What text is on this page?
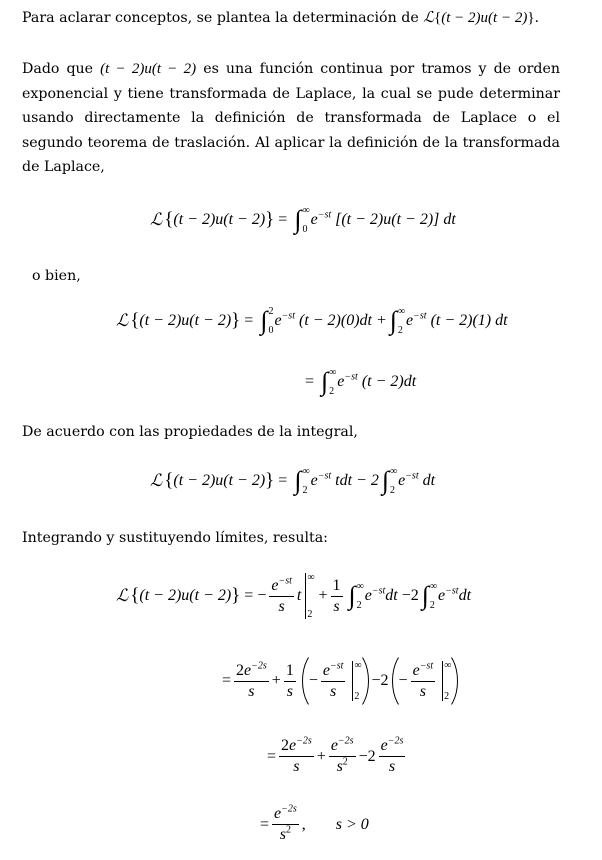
Para aclarar conceptos, se plantea la determinación de ℒ{(t − 2)u(t − 2)}.
Dado que (t − 2)u(t − 2) es una función continua por tramos y de orden exponencial y tiene transformada de Laplace, la cual se pude determinar usando directamente la definición de transformada de Laplace o el segundo teorema de traslación. Al aplicar la definición de la transformada de Laplace,
ℒ { (t − 2)u(t − 2) } = ∫ ∞
0
$e^{-st}$
[(t − 2)u(t − 2)] dt
o bien,
ℒ { (t − 2)u(t − 2) } = ∫ 2
0
$e^{-st}$
(t − 2)(0)dt + ∫ ∞
2
$e^{-st}$
(t − 2)(1) dt
= ∫ ∞
2
$e^{-st}$
(t − 2)dt
De acuerdo con las propiedades de la integral,
ℒ { (t − 2)u(t − 2) } = ∫ ∞
2
$e^{-st}$
tdt − 2 ∫ ∞
2
$e^{-st}$
dt
Integrando y sustituyendo límites, resulta:
ℒ { (t − 2)u(t − 2) } = − $\frac{e^{-st}}{s}$ t
∞
2
+ $\frac{1}{s}$ ∫ ∞
2
$e^{-st}dt -2$ ∫ ∞
2
$e^{-st}dt$
= $\frac{2e^{-2s}}{s} + \frac{1}{s} - \frac{e^{-st}}{s}$ ∞
2
$-2 - \frac{e^{-st}}{s}$ ∞
2
= $\frac{2e^{-2s}}{s} + \frac{e^{-2s}}{s^2} -2 \frac{e^{-2s}}{s}$
= $\frac{e^{-2s}}{s^2}$ , s > 0
